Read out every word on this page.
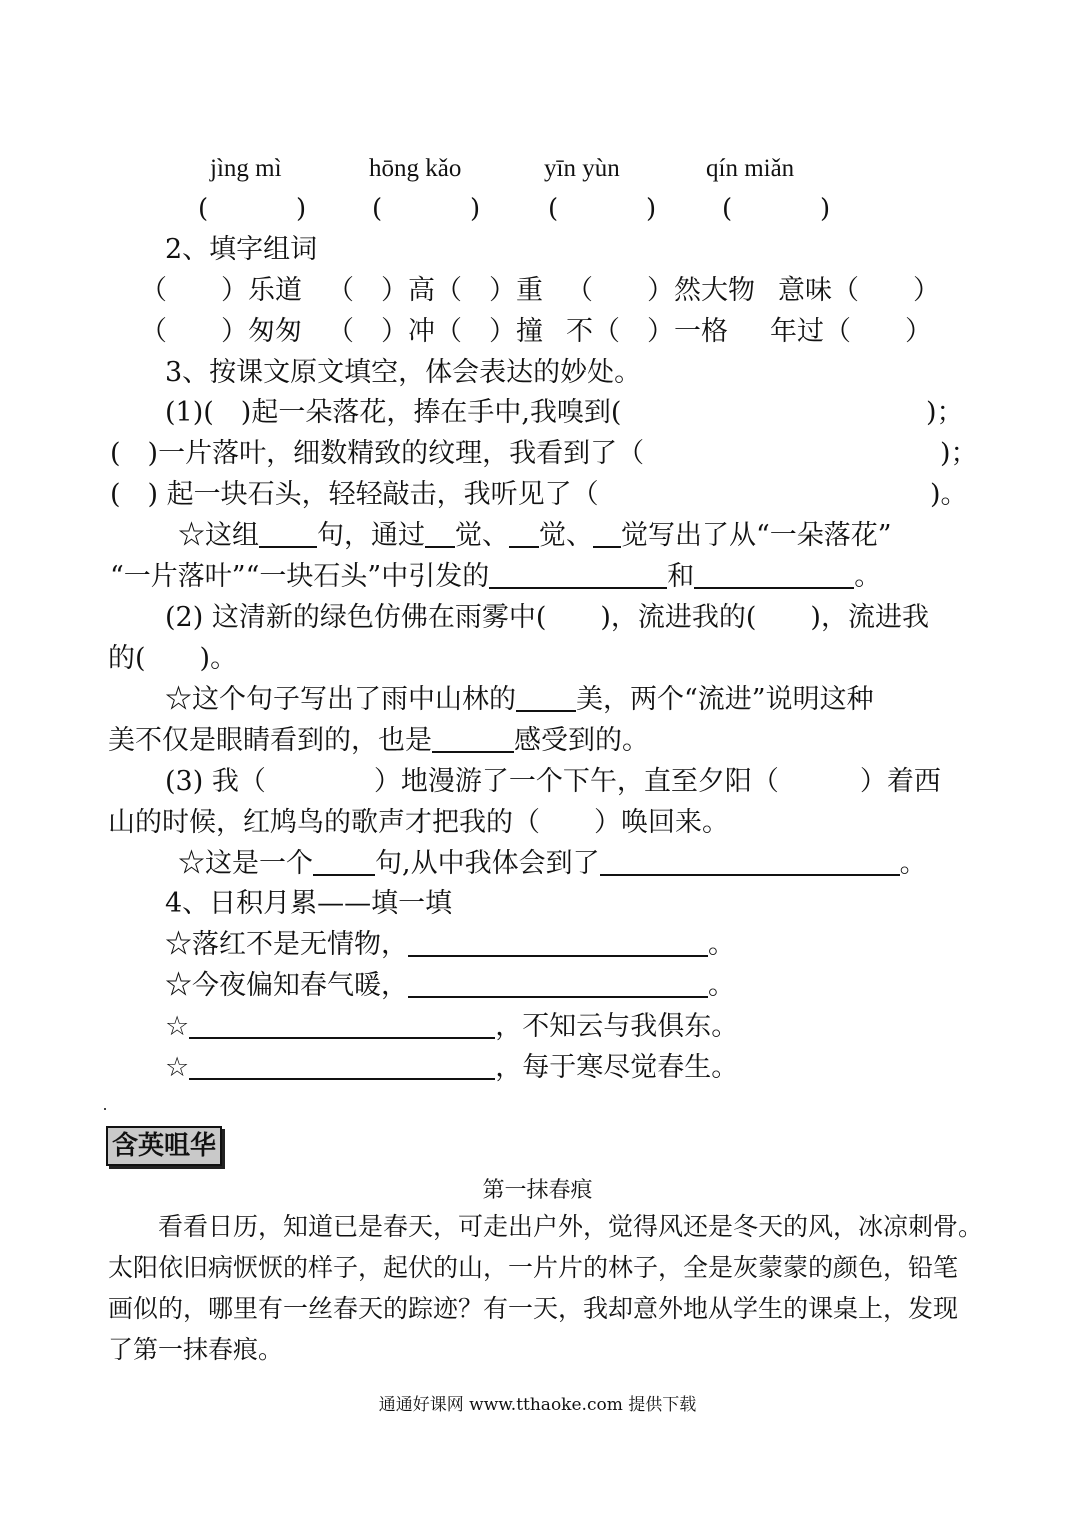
jìng mì	hōng kǎo	yīn yùn	qín miǎn
(	)	(	)	(	)	(	)
2、填字组词
（　　）乐道 （　）高（　）重 （　　）然大物 意味（　　）
（　　）匆匆 （　）冲（　）撞 不（　）一格 年过（　　）
3、按课文原文填空，体会表达的妙处。
(1)(　)起一朵落花，捧在手中,我嗅到(	)；
(　)一片落叶，细数精致的纹理，我看到了（	)；
(　) 起一块石头，轻轻敲击，我听见了（	)。
☆这组 句，通过 觉、 觉、 觉写出了从“一朵落花”
“一片落叶”“一块石头”中引发的	和	。
(2) 这清新的绿色仿佛在雨雾中(　　)，流进我的(　　)，流进我
的(　　)。
☆这个句子写出了雨中山林的 美，两个“流进”说明这种
美不仅是眼睛看到的，也是	感受到的。
(3) 我（　　　　）地漫游了一个下午，直至夕阳（　　　）着西
山的时候，红鸠鸟的歌声才把我的（　　）唤回来。
☆这是一个 句,从中我体会到了	。
4、日积月累——填一填
☆落红不是无情物，	。
☆今夜偏知春气暖，	。
☆	，不知云与我俱东。
☆	，每于寒尽觉春生。
含英咀华
第一抹春痕
看看日历，知道已是春天，可走出户外，觉得风还是冬天的风，冰凉刺骨。
太阳依旧病恹恹的样子，起伏的山，一片片的林子，全是灰蒙蒙的颜色，铅笔
画似的，哪里有一丝春天的踪迹？有一天，我却意外地从学生的课桌上，发现
了第一抹春痕。
通通好课网 www.tthaoke.com 提供下载
